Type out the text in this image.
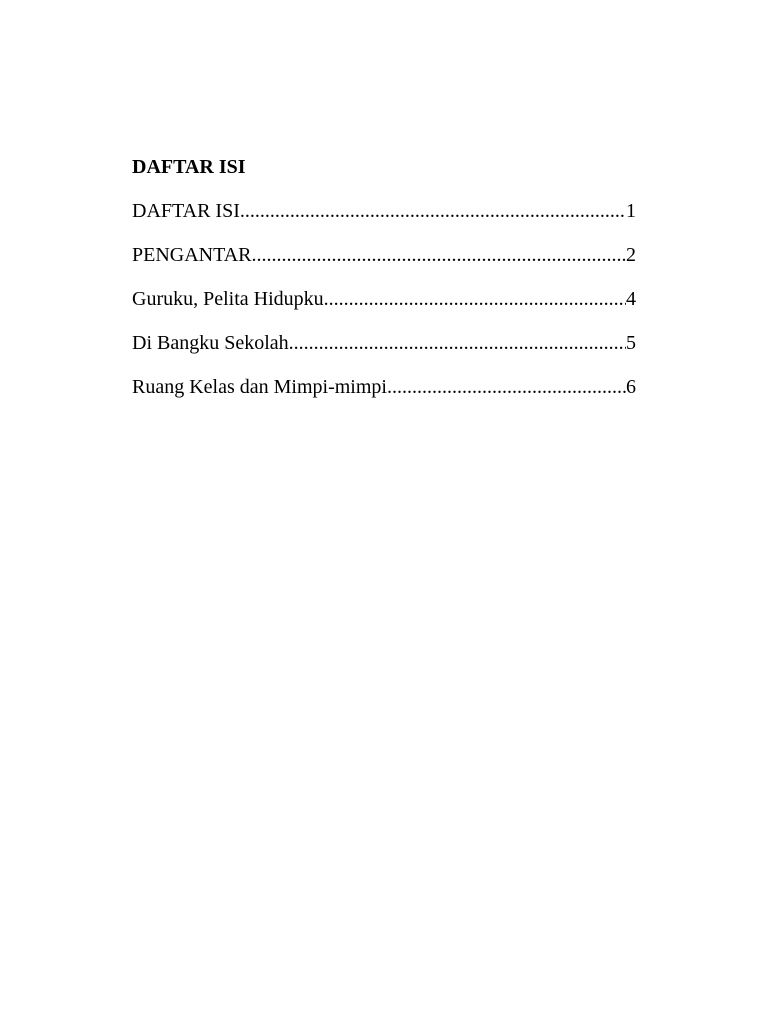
DAFTAR ISI
DAFTAR ISI .....	1
PENGANTAR .....	2
Guruku, Pelita Hidupku .....	4
Di Bangku Sekolah .....	5
Ruang Kelas dan Mimpi-mimpi .....	6
